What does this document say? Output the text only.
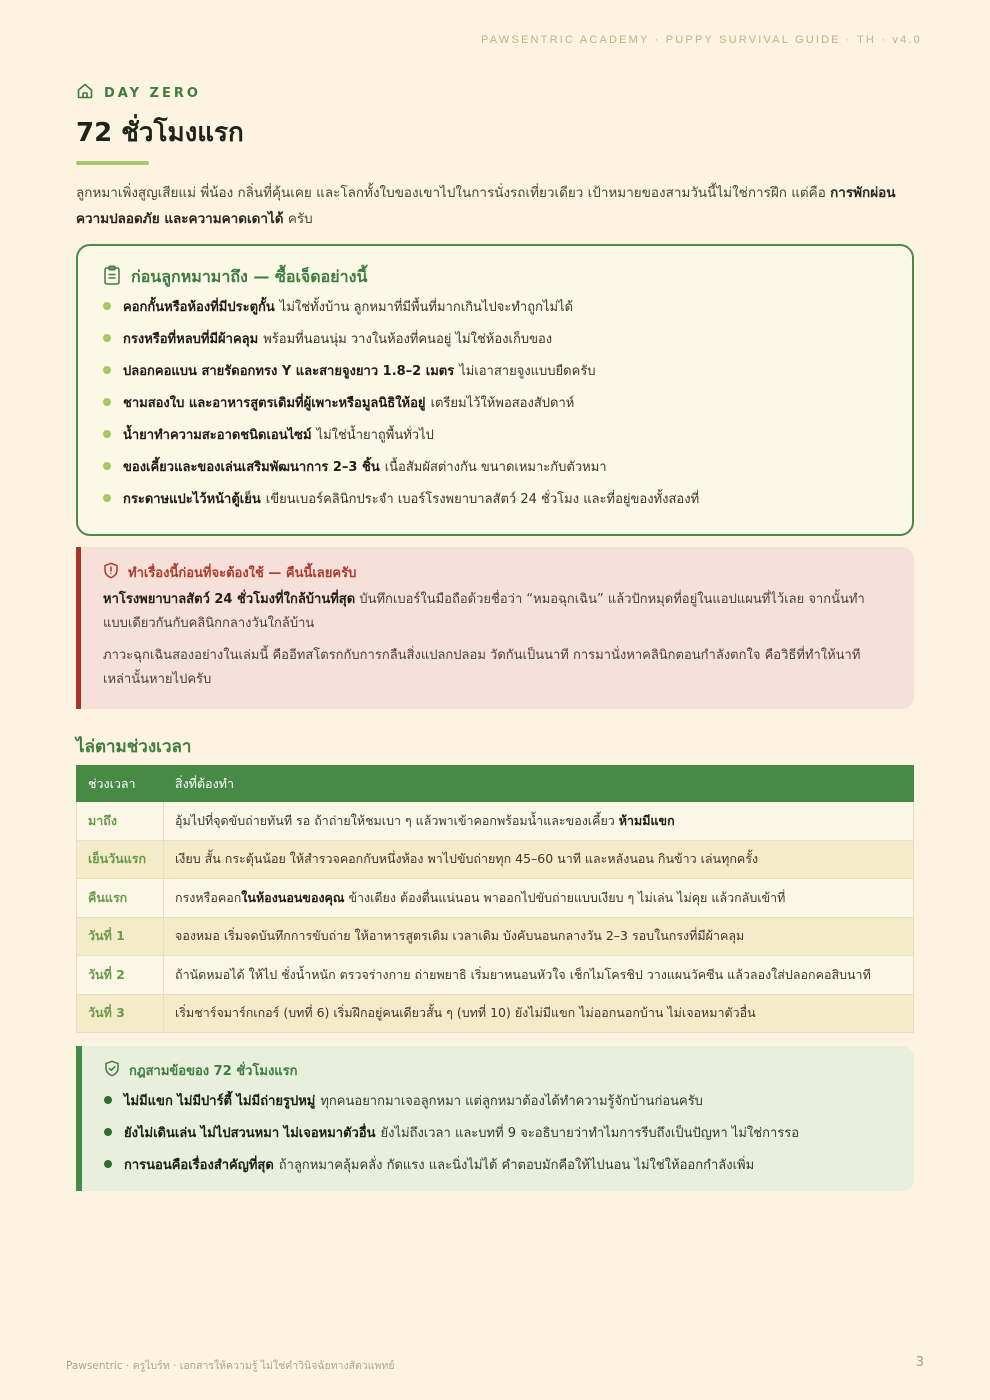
PAWSENTRIC ACADEMY · PUPPY SURVIVAL GUIDE · TH · v4.0
DAY ZERO
72 ชั่วโมงแรก

ลูกหมาเพิ่งสูญเสียแม่ พี่น้อง กลิ่นที่คุ้นเคย และโลกทั้งใบของเขาไปในการนั่งรถเที่ยวเดียว เป้าหมายของสามวันนี้ไม่ใช่การฝึก แต่คือ การพักผ่อน ความปลอดภัย และความคาดเดาได้ ครับ

ก่อนลูกหมามาถึง — ซื้อเจ็ดอย่างนี้
คอกกั้นหรือห้องที่มีประตูกั้น ไม่ใช่ทั้งบ้าน ลูกหมาที่มีพื้นที่มากเกินไปจะทำถูกไม่ได้
กรงหรือที่หลบที่มีผ้าคลุม พร้อมที่นอนนุ่ม วางในห้องที่คนอยู่ ไม่ใช่ห้องเก็บของ
ปลอกคอแบน สายรัดอกทรง Y และสายจูงยาว 1.8–2 เมตร ไม่เอาสายจูงแบบยืดครับ
ชามสองใบ และอาหารสูตรเดิมที่ผู้เพาะหรือมูลนิธิให้อยู่ เตรียมไว้ให้พอสองสัปดาห์
น้ำยาทำความสะอาดชนิดเอนไซม์ ไม่ใช่น้ำยาถูพื้นทั่วไป
ของเคี้ยวและของเล่นเสริมพัฒนาการ 2–3 ชิ้น เนื้อสัมผัสต่างกัน ขนาดเหมาะกับตัวหมา
กระดาษแปะไว้หน้าตู้เย็น เขียนเบอร์คลินิกประจำ เบอร์โรงพยาบาลสัตว์ 24 ชั่วโมง และที่อยู่ของทั้งสองที่
ทำเรื่องนี้ก่อนที่จะต้องใช้ — คืนนี้เลยครับ

หาโรงพยาบาลสัตว์ 24 ชั่วโมงที่ใกล้บ้านที่สุด บันทึกเบอร์ในมือถือด้วยชื่อว่า “หมอฉุกเฉิน” แล้วปักหมุดที่อยู่ในแอปแผนที่ไว้เลย จากนั้นทำแบบเดียวกันกับคลินิกกลางวันใกล้บ้าน

ภาวะฉุกเฉินสองอย่างในเล่มนี้ คืออีทสโตรกกับการกลืนสิ่งแปลกปลอม วัดกันเป็นนาที การมานั่งหาคลินิกตอนกำลังตกใจ คือวิธีที่ทำให้นาทีเหล่านั้นหายไปครับ

ไล่ตามช่วงเวลา
ช่วงเวลา	สิ่งที่ต้องทำ
มาถึง	อุ้มไปที่จุดขับถ่ายทันที รอ ถ้าถ่ายให้ชมเบา ๆ แล้วพาเข้าคอกพร้อมน้ำและของเคี้ยว ห้ามมีแขก
เย็นวันแรก	เงียบ สั้น กระตุ้นน้อย ให้สำรวจคอกกับหนึ่งห้อง พาไปขับถ่ายทุก 45–60 นาที และหลังนอน กินข้าว เล่นทุกครั้ง
คืนแรก	กรงหรือคอกในห้องนอนของคุณ ข้างเตียง ต้องตื่นแน่นอน พาออกไปขับถ่ายแบบเงียบ ๆ ไม่เล่น ไม่คุย แล้วกลับเข้าที่
วันที่ 1	จองหมอ เริ่มจดบันทึกการขับถ่าย ให้อาหารสูตรเดิม เวลาเดิม บังคับนอนกลางวัน 2–3 รอบในกรงที่มีผ้าคลุม
วันที่ 2	ถ้านัดหมอได้ ให้ไป ชั่งน้ำหนัก ตรวจร่างกาย ถ่ายพยาธิ เริ่มยาหนอนหัวใจ เช็กไมโครชิป วางแผนวัคซีน แล้วลองใส่ปลอกคอสิบนาที
วันที่ 3	เริ่มชาร์จมาร์กเกอร์ (บทที่ 6) เริ่มฝึกอยู่คนเดียวสั้น ๆ (บทที่ 10) ยังไม่มีแขก ไม่ออกนอกบ้าน ไม่เจอหมาตัวอื่น
กฎสามข้อของ 72 ชั่วโมงแรก
ไม่มีแขก ไม่มีปาร์ตี้ ไม่มีถ่ายรูปหมู่ ทุกคนอยากมาเจอลูกหมา แต่ลูกหมาต้องได้ทำความรู้จักบ้านก่อนครับ
ยังไม่เดินเล่น ไม่ไปสวนหมา ไม่เจอหมาตัวอื่น ยังไม่ถึงเวลา และบทที่ 9 จะอธิบายว่าทำไมการรีบถึงเป็นปัญหา ไม่ใช่การรอ
การนอนคือเรื่องสำคัญที่สุด ถ้าลูกหมาคลุ้มคลั่ง กัดแรง และนิ่งไม่ได้ คำตอบมักคือให้ไปนอน ไม่ใช่ให้ออกกำลังเพิ่ม
Pawsentric · ครูไบร์ท · เอกสารให้ความรู้ ไม่ใช่คำวินิจฉัยทางสัตวแพทย์	3
